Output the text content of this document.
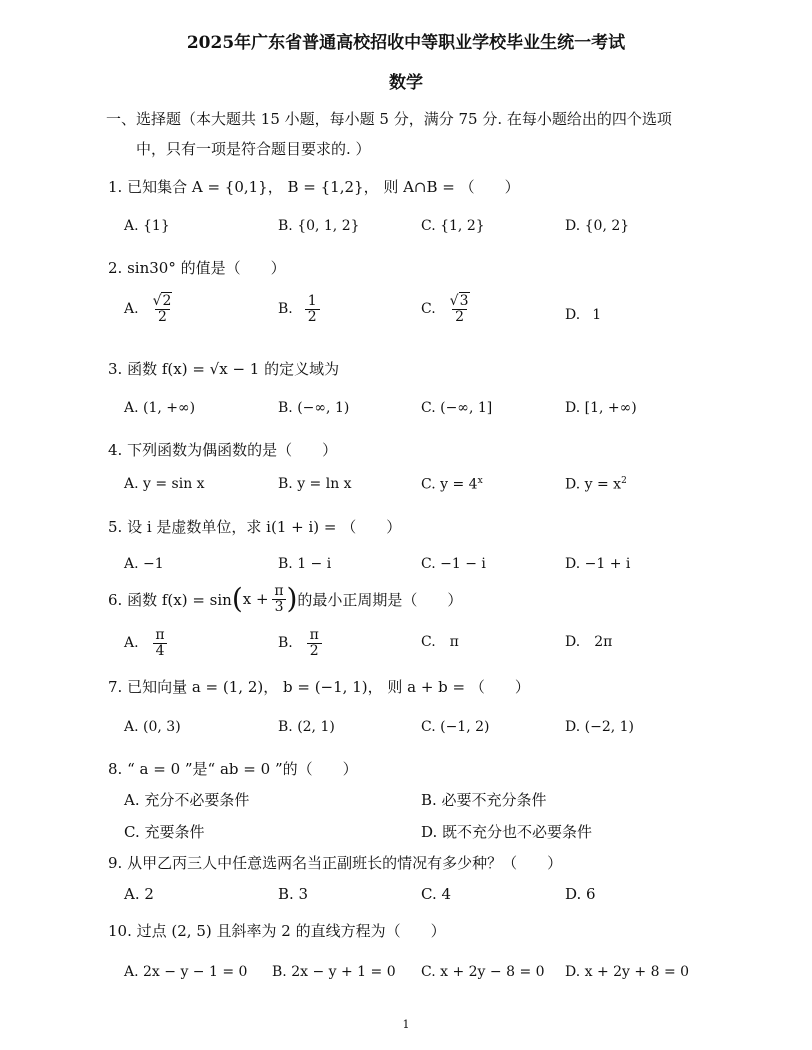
2025年广东省普通高校招收中等职业学校毕业生统一考试
数学
一、选择题（本大题共 15 小题，每小题 5 分，满分 75 分. 在每小题给出的四个选项
中，只有一项是符合题目要求的. ）
1. 已知集合 A = {0,1}， B = {1,2}， 则 A∩B = （　　）
A. {1}	B. {0, 1, 2}	C. {1, 2}	D. {0, 2}
2. sin30° 的值是（　　）
A. $\frac{√2}{2}$	B. $\frac{1}{2}$	C. $\frac{√3}{2}$	D. 1
3. 函数 f(x) = √x − 1 的定义域为
A. (1, +∞)	B. (−∞, 1)	C. (−∞, 1]	D. [1, +∞)
4. 下列函数为偶函数的是（　　）
A. y = sin x	B. y = ln x	C. $y = 4^x$	D. $y = x^2$
5. 设 i 是虚数单位，求 i(1 + i) = （　　）
A. −1	B. 1 − i	C. −1 − i	D. −1 + i
6. 函数 f(x) = sin ( $x + \frac{\pi}{3}$ ) 的最小正周期是（　　）
A. $\frac{\pi}{4}$	B. $\frac{\pi}{2}$	C. π	D. 2π
7. 已知向量 a = (1, 2)， b = (−1, 1)， 则 a + b = （　　）
A. (0, 3)	B. (2, 1)	C. (−1, 2)	D. (−2, 1)
8. “ a = 0 ”是“ ab = 0 ”的（　　）
A. 充分不必要条件	B. 必要不充分条件
C. 充要条件	D. 既不充分也不必要条件
9. 从甲乙丙三人中任意选两名当正副班长的情况有多少种？（　　）
A. 2	B. 3	C. 4	D. 6
10. 过点 (2, 5) 且斜率为 2 的直线方程为（　　）
A. 2x − y − 1 = 0 B. 2x − y + 1 = 0 C. x + 2y − 8 = 0 D. x + 2y + 8 = 0
1
